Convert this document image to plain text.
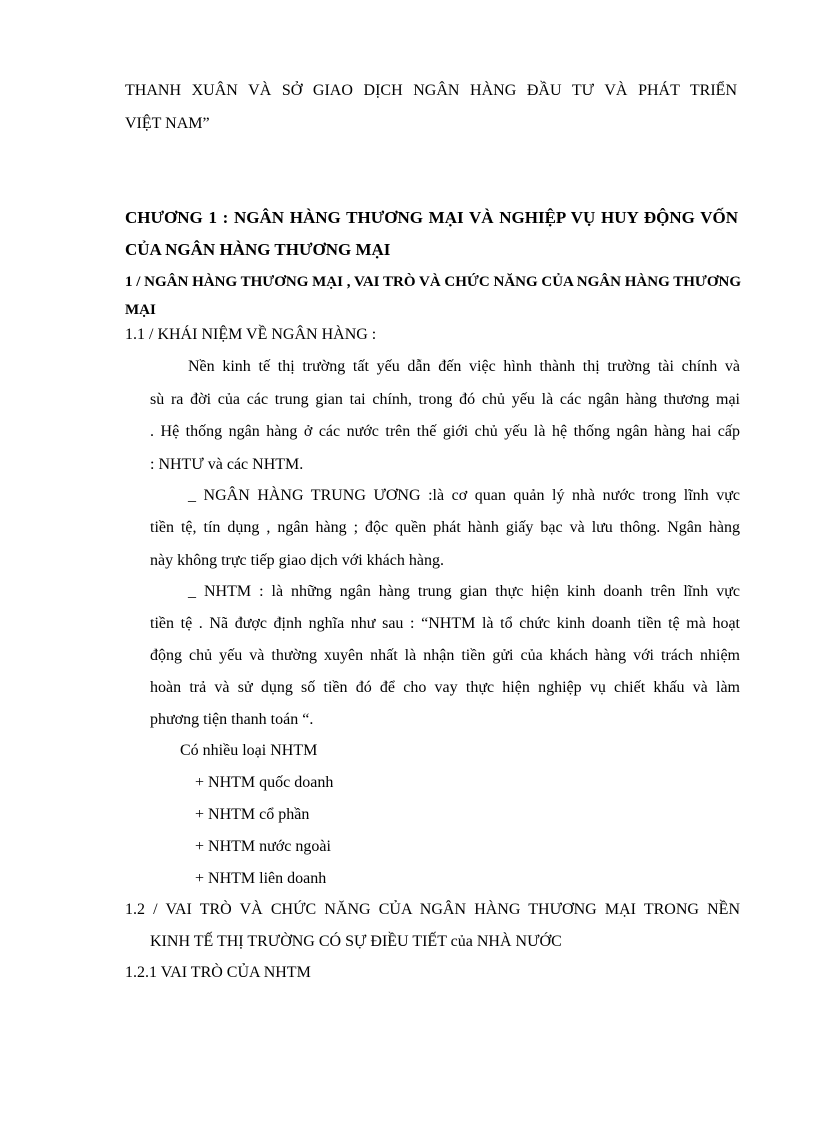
THANH XUÂN VÀ SỞ GIAO DỊCH NGÂN HÀNG ĐẦU TƯ VÀ PHÁT TRIỂN
VIỆT NAM”
CHƯƠNG 1 : NGÂN HÀNG THƯƠNG MẠI VÀ NGHIỆP VỤ HUY ĐỘNG VỐN
CỦA NGÂN HÀNG THƯƠNG MẠI
1 / NGÂN HÀNG THƯƠNG MẠI , VAI TRÒ VÀ CHỨC NĂNG CỦA NGÂN HÀNG THƯƠNG
MẠI
1.1 / KHÁI NIỆM VỀ NGÂN HÀNG :
Nền kinh tế thị trường tất yếu dẫn đến việc hình thành thị trường tài chính và
sù ra đời của các trung gian tai chính, trong đó chủ yếu là các ngân hàng thương mại
. Hệ thống ngân hàng ở các nước trên thế giới chủ yếu là hệ thống ngân hàng hai cấp
: NHTƯ và các NHTM.
_ NGÂN HÀNG TRUNG ƯƠNG :là cơ quan quản lý nhà nước trong lĩnh vực
tiền tệ, tín dụng , ngân hàng ; độc quền phát hành giấy bạc và lưu thông. Ngân hàng
này không trực tiếp giao dịch với khách hàng.
_ NHTM : là những ngân hàng trung gian thực hiện kinh doanh trên lĩnh vực
tiền tệ . Nã được định nghĩa như sau : “NHTM là tổ chức kinh doanh tiền tệ mà hoạt
động chủ yếu và thường xuyên nhất là nhận tiền gửi của khách hàng với trách nhiệm
hoàn trả và sử dụng số tiền đó để cho vay thực hiện nghiệp vụ chiết khấu và làm
phương tiện thanh toán “.
Có nhiều loại NHTM
+ NHTM quốc doanh
+ NHTM cổ phần
+ NHTM nước ngoài
+ NHTM liên doanh
1.2 / VAI TRÒ VÀ CHỨC NĂNG CỦA NGÂN HÀNG THƯƠNG MẠI TRONG NỀN
KINH TẾ THỊ TRƯỜNG CÓ SỰ ĐIỀU TIẾT của NHÀ NƯỚC
1.2.1 VAI TRÒ CỦA NHTM
